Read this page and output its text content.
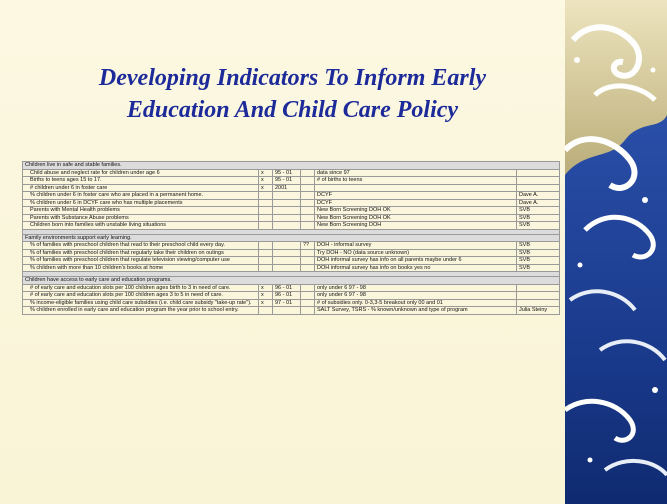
Developing Indicators To Inform Early
Education And Child Care Policy
Children live in safe and stable families.					
Child abuse and neglect rate for children under age 6	x	95 - 01		data since 97	
Births to teens ages 15 to 17.	x	95 - 01		# of births to teens	
# children under 6 in foster care	x	2001			
% children under 6 in foster care who are placed in a permanent home.				DCYF	Dave A.
% children under 6 in DCYF care who has multiple placements				DCYF	Dave A.
Parents with Mental Health problems				New Born Screening DOH OK	SVB
Parents with Substance Abuse problems				New Born Screening DOH OK	SVB
Children born into families with unstable living situations				New Born Screening DOH	SVB

Family environments support early learning.					
% of families with preschool children that read to their preschool child every day.			??	DOH - informal survey	SVB
% of families with preschool children that regularly take their children on outings				Try DOH - NO (data source unknown)	SVB
% of families with preschool children that regulate television viewing/computer use				DOH informal survey has info on all parents maybe under 6	SVB
% children with more than 10 children's books at home				DOH informal survey has info on books yes no	SVB

Children have access to early care and education programs.					
# of early care and education slots per 100 children ages birth to 3 in need of care.	x	96 - 01		only under 6 97 - 98	
# of early care and education slots per 100 children ages 3 to 5 in need of care.	x	96 - 01		only under 6 97 - 98	
% income-eligible families using child care subsidies (i.e. child care subsidy "take-up rate").	x	97 - 01		# of subsidies only. 0-3,3-5 breakout only 00 and 01	
% children enrolled in early care and education program the year prior to school entry.				SALT Survey, TSRS - % known/unknown and type of program	Julia Steiny
